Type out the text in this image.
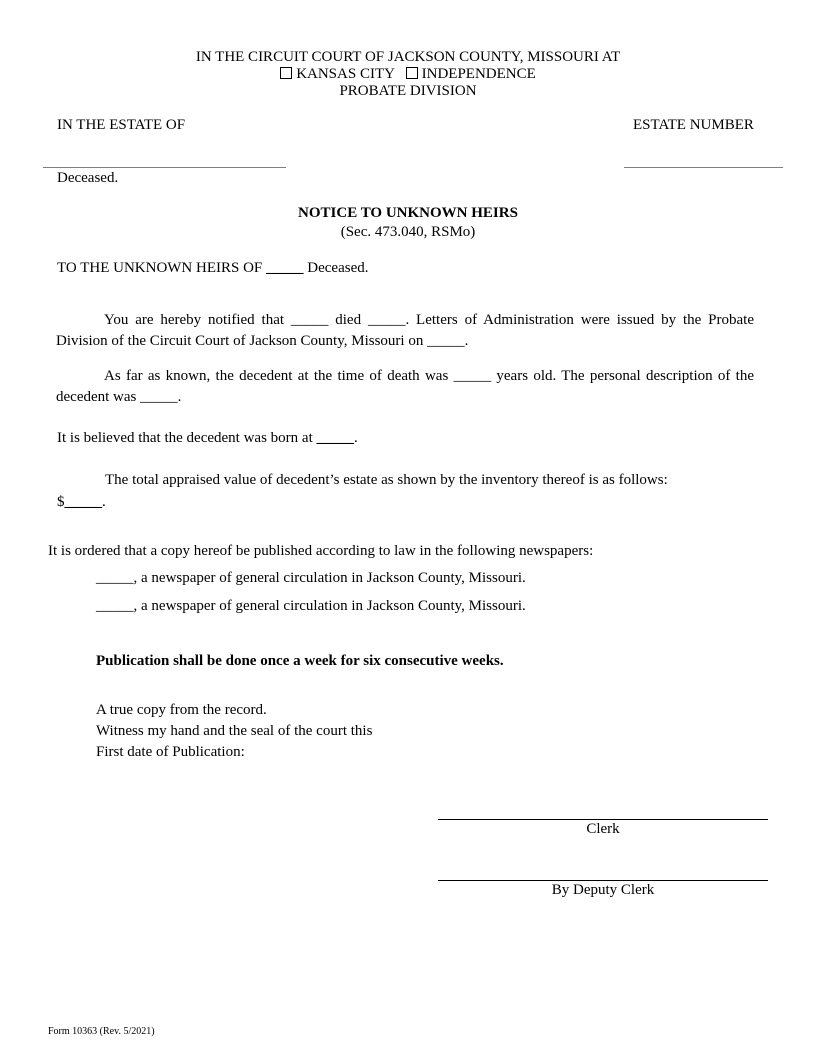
IN THE CIRCUIT COURT OF JACKSON COUNTY, MISSOURI AT
KANSAS CITY INDEPENDENCE
PROBATE DIVISION
IN THE ESTATE OF	ESTATE NUMBER
Deceased.
NOTICE TO UNKNOWN HEIRS
(Sec. 473.040, RSMo)
TO THE UNKNOWN HEIRS OF _____ Deceased.
You are hereby notified that _____ died _____. Letters of Administration were issued by the Probate Division of the Circuit Court of Jackson County, Missouri on _____.
As far as known, the decedent at the time of death was _____ years old. The personal description of the decedent was _____.
It is believed that the decedent was born at _____.
The total appraised value of decedent’s estate as shown by the inventory thereof is as follows:
$_____.
It is ordered that a copy hereof be published according to law in the following newspapers:
_____, a newspaper of general circulation in Jackson County, Missouri.
_____, a newspaper of general circulation in Jackson County, Missouri.
Publication shall be done once a week for six consecutive weeks.
A true copy from the record.
Witness my hand and the seal of the court this
First date of Publication:
Clerk
By Deputy Clerk
Form 10363 (Rev. 5/2021)
